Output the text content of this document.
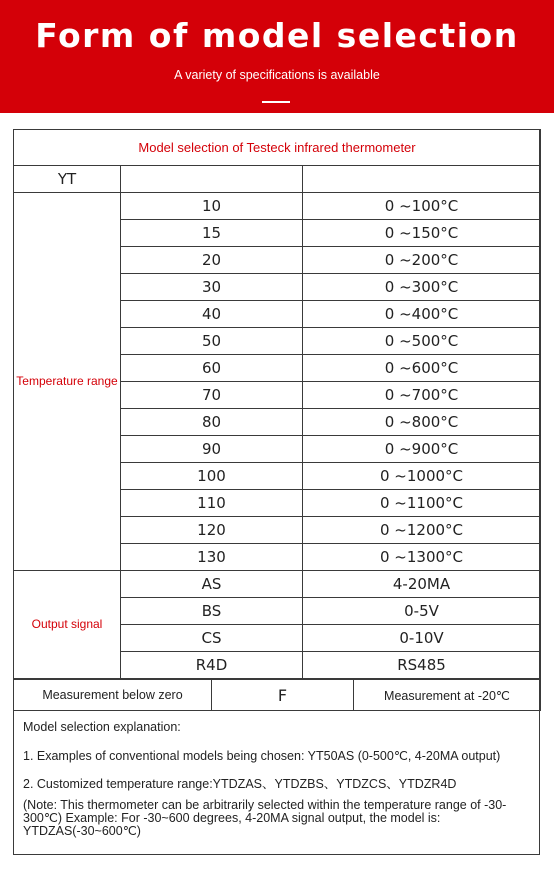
Form of model selection
A variety of specifications is available
Model selection of Testeck infrared thermometer		
YT		
Temperature range	10	0 ~100°C
	15	0 ~150°C
	20	0 ~200°C
	30	0 ~300°C
	40	0 ~400°C
	50	0 ~500°C
	60	0 ~600°C
	70	0 ~700°C
	80	0 ~800°C
	90	0 ~900°C
	100	0 ~1000°C
	110	0 ~1100°C
	120	0 ~1200°C
	130	0 ~1300°C
Output signal	AS	4-20MA
	BS	0-5V
	CS	0-10V
	R4D	RS485
Measurement below zero	F	Measurement at -20℃
Model selection explanation:
1. Examples of conventional models being chosen: YT50AS (0-500℃, 4-20MA output)
2. Customized temperature range:YTDZAS、YTDZBS、YTDZCS、YTDZR4D
(Note: This thermometer can be arbitrarily selected within the temperature range of -30-300℃) Example: For -30~600 degrees, 4-20MA signal output, the model is: YTDZAS(-30~600℃)
